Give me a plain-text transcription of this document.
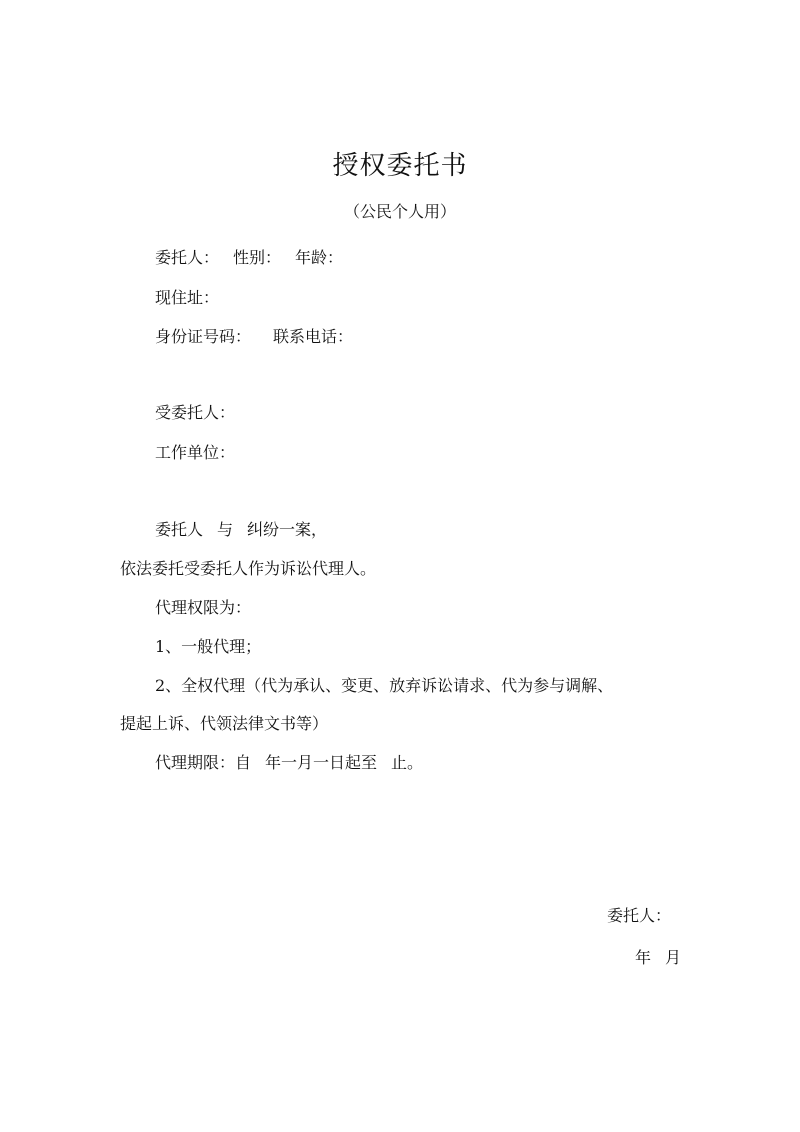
授权委托书
（公民个人用）
委托人： 性别： 年龄：
现住址：
身份证号码： 联系电话：
受委托人：
工作单位：
委托人 与 纠纷一案，
依法委托受委托人作为诉讼代理人。
代理权限为：
1、一般代理；
2、全权代理（代为承认、变更、放弃诉讼请求、代为参与调解、
提起上诉、代领法律文书等）
代理期限：自 年一月一日起至 止。
委托人：
年 月
